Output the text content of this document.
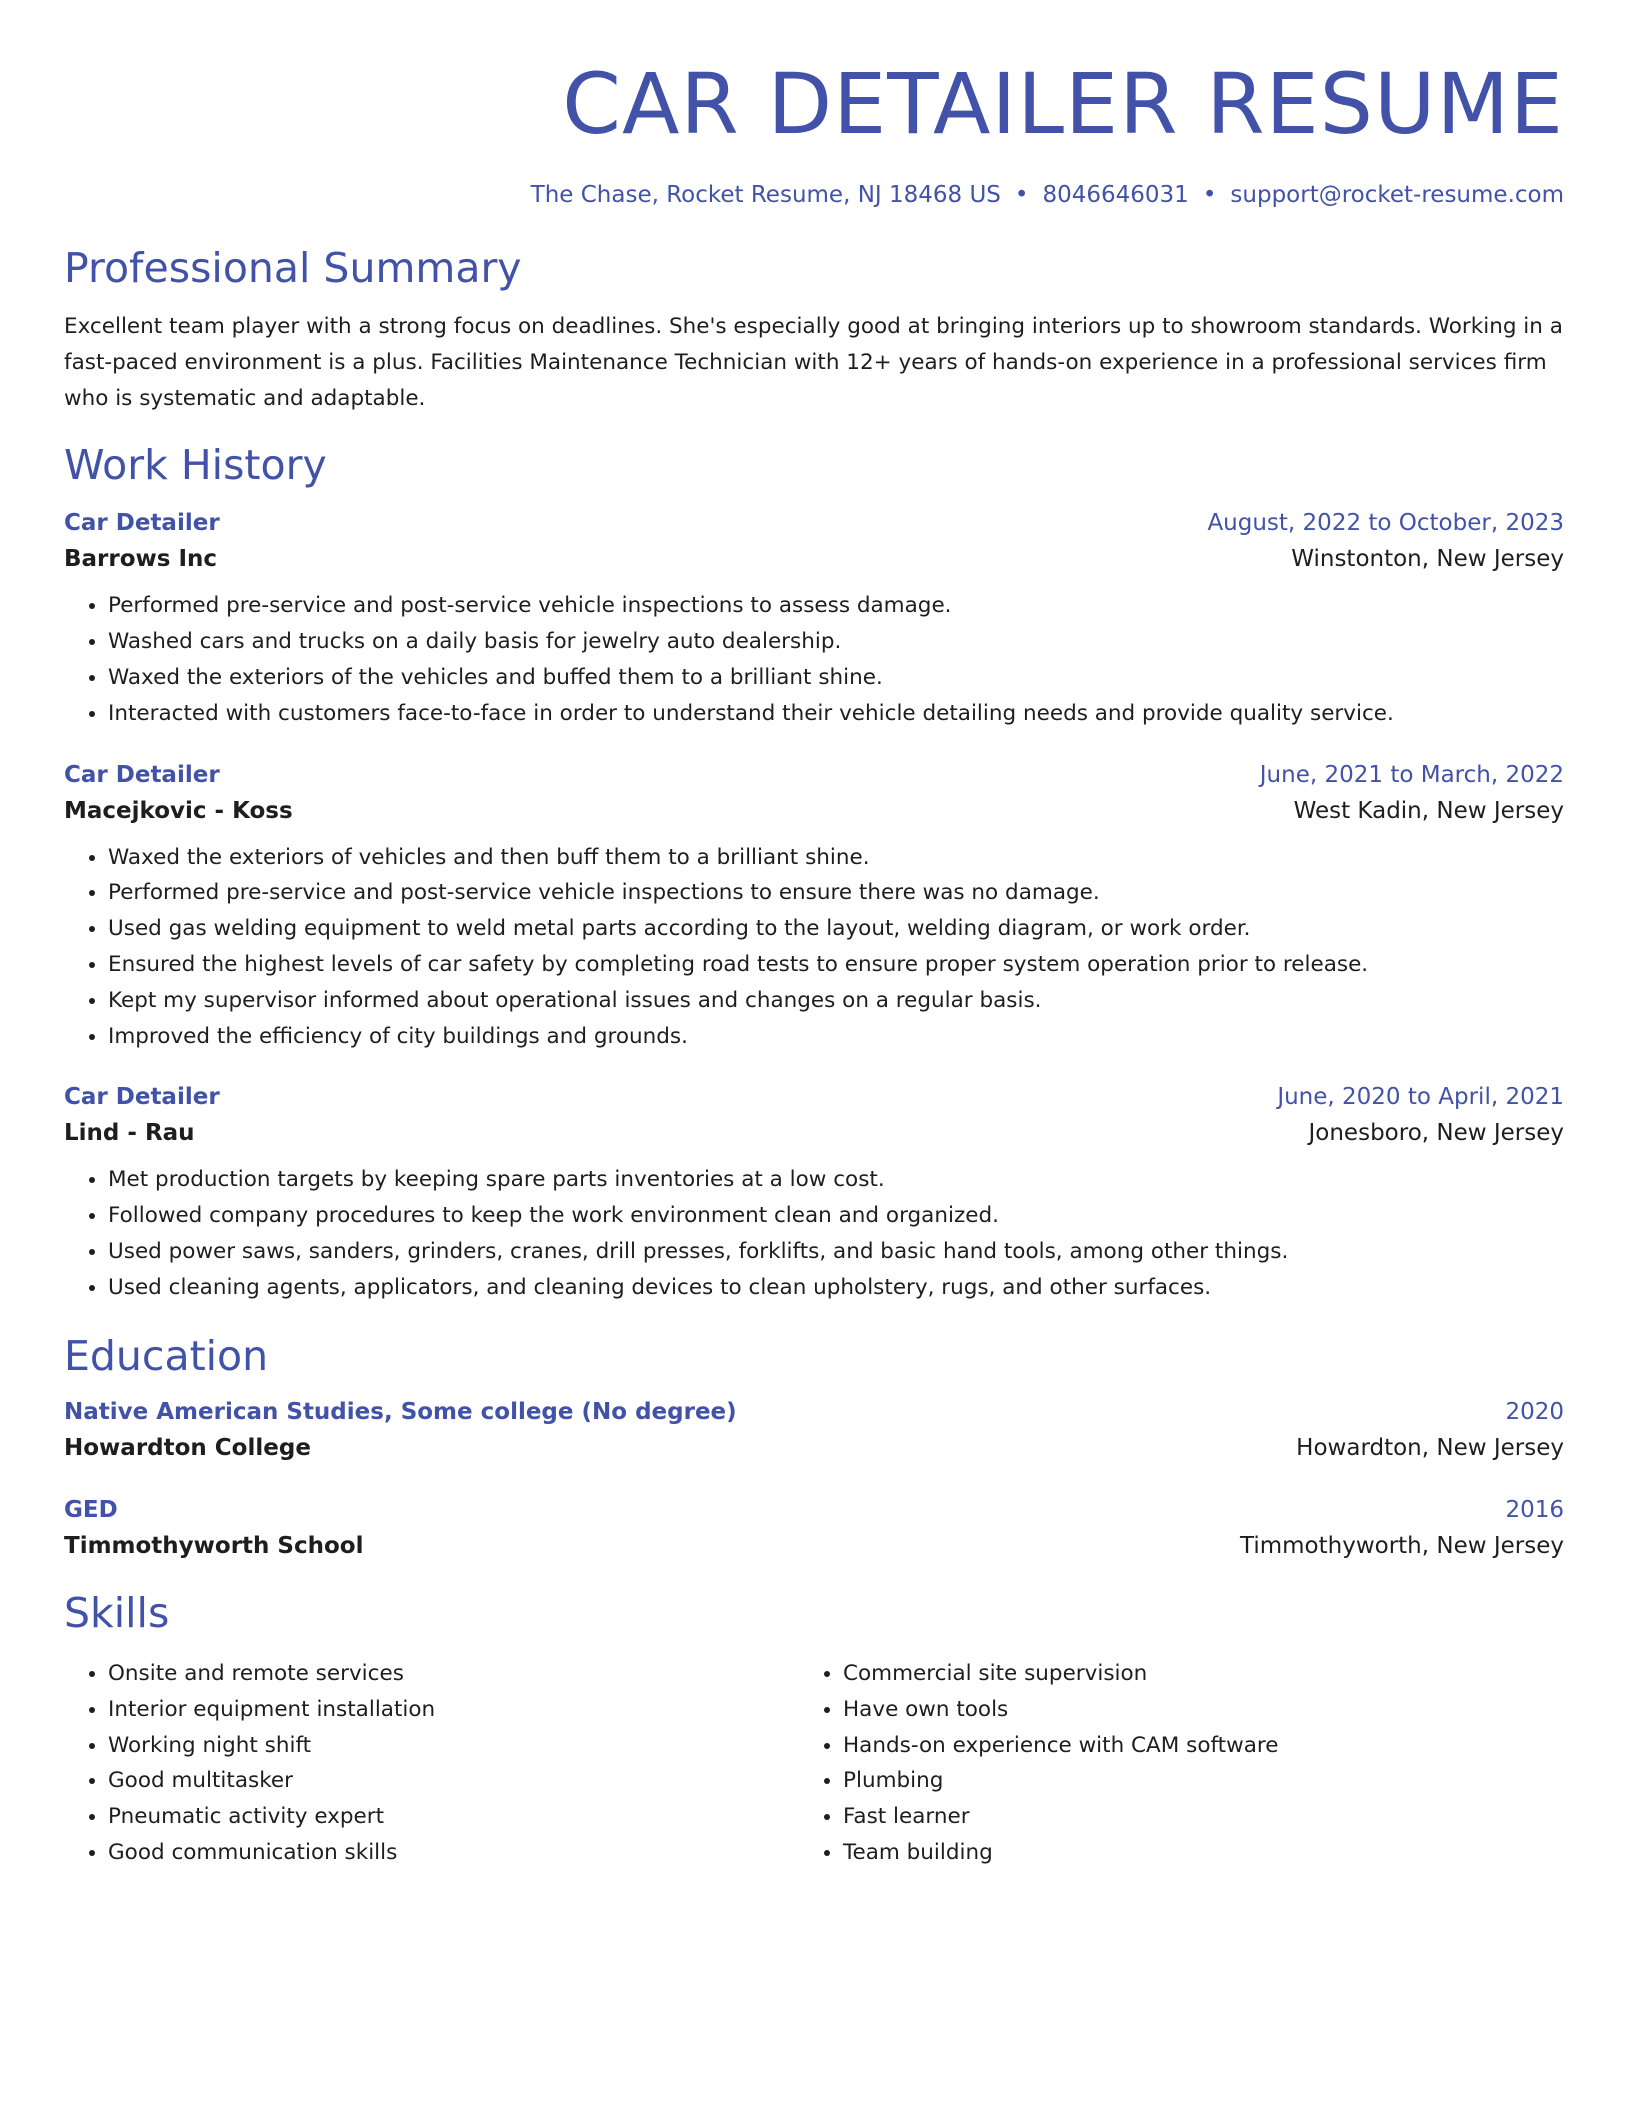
CAR DETAILER RESUME
The Chase, Rocket Resume, NJ 18468 US • 8046646031 • support@rocket-resume.com
Professional Summary

Excellent team player with a strong focus on deadlines. She's especially good at bringing interiors up to showroom standards. Working in a fast-paced environment is a plus. Facilities Maintenance Technician with 12+ years of hands-on experience in a professional services firm who is systematic and adaptable.

Work History
Car Detailer	August, 2022 to October, 2023
Barrows Inc	Winstonton, New Jersey
• Performed pre-service and post-service vehicle inspections to assess damage.
• Washed cars and trucks on a daily basis for jewelry auto dealership.
• Waxed the exteriors of the vehicles and buffed them to a brilliant shine.
• Interacted with customers face-to-face in order to understand their vehicle detailing needs and provide quality service.
Car Detailer	June, 2021 to March, 2022
Macejkovic - Koss	West Kadin, New Jersey
• Waxed the exteriors of vehicles and then buff them to a brilliant shine.
• Performed pre-service and post-service vehicle inspections to ensure there was no damage.
• Used gas welding equipment to weld metal parts according to the layout, welding diagram, or work order.
• Ensured the highest levels of car safety by completing road tests to ensure proper system operation prior to release.
• Kept my supervisor informed about operational issues and changes on a regular basis.
• Improved the efficiency of city buildings and grounds.
Car Detailer	June, 2020 to April, 2021
Lind - Rau	Jonesboro, New Jersey
• Met production targets by keeping spare parts inventories at a low cost.
• Followed company procedures to keep the work environment clean and organized.
• Used power saws, sanders, grinders, cranes, drill presses, forklifts, and basic hand tools, among other things.
• Used cleaning agents, applicators, and cleaning devices to clean upholstery, rugs, and other surfaces.
Education
Native American Studies, Some college (No degree)	2020
Howardton College	Howardton, New Jersey
GED	2016
Timmothyworth School	Timmothyworth, New Jersey
Skills
• Onsite and remote services
• Interior equipment installation
• Working night shift
• Good multitasker
• Pneumatic activity expert
• Good communication skills
• Commercial site supervision
• Have own tools
• Hands-on experience with CAM software
• Plumbing
• Fast learner
• Team building
